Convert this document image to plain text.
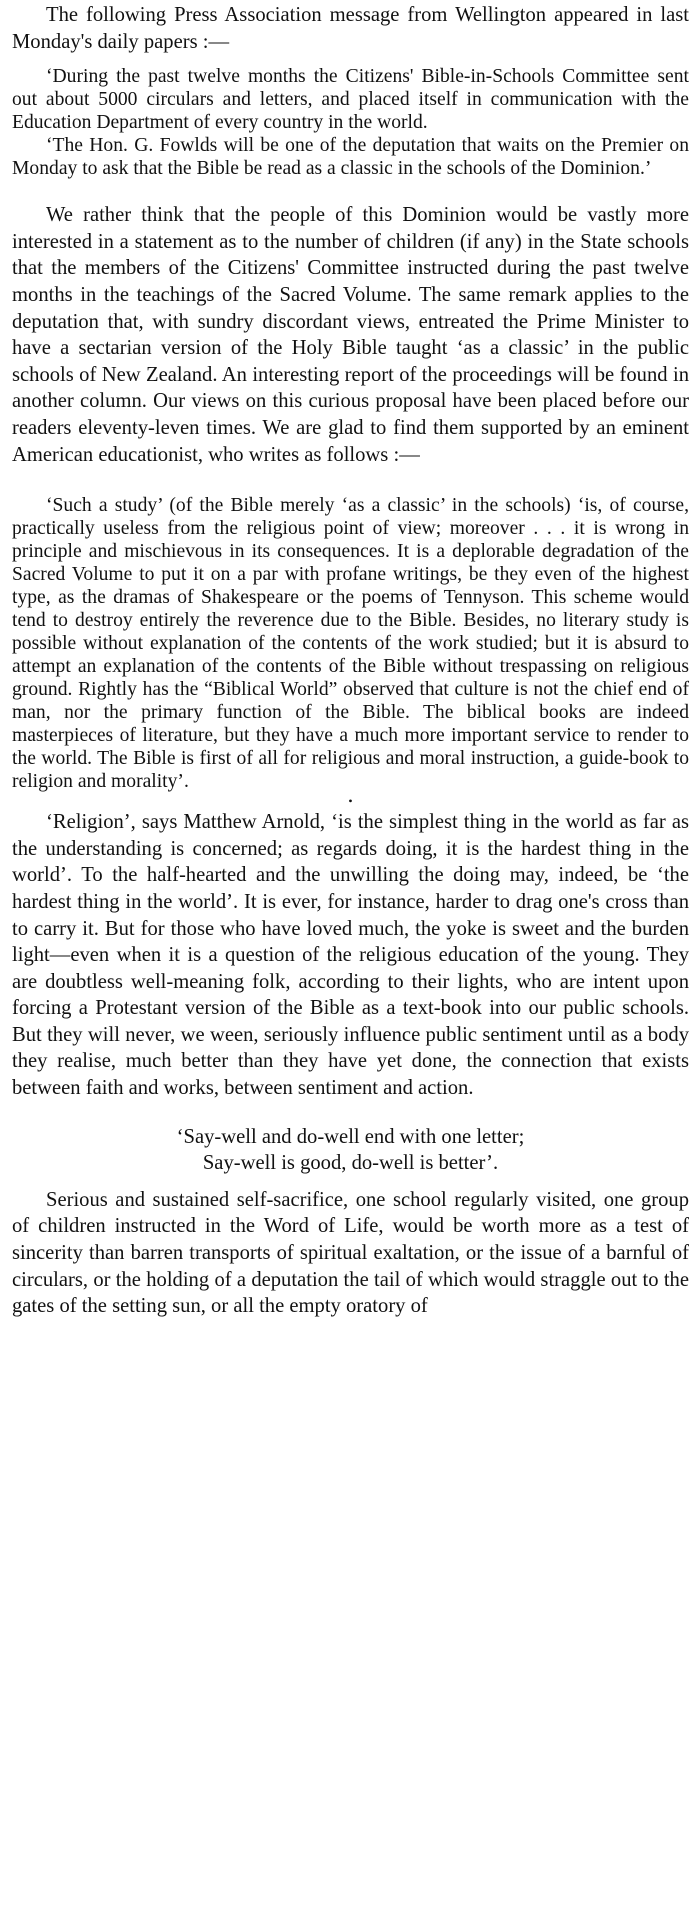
The following Press Association message from Wellington appeared in last Monday's daily papers :—

‘During the past twelve months the Citizens' Bible-in-Schools Committee sent out about 5000 circulars and letters, and placed itself in communication with the Education Department of every country in the world.

‘The Hon. G. Fowlds will be one of the deputation that waits on the Premier on Monday to ask that the Bible be read as a classic in the schools of the Dominion.’

We rather think that the people of this Dominion would be vastly more interested in a statement as to the number of children (if any) in the State schools that the members of the Citizens' Committee instructed during the past twelve months in the teachings of the Sacred Volume. The same remark applies to the deputation that, with sundry discordant views, entreated the Prime Minister to have a sectarian version of the Holy Bible taught ‘as a classic’ in the public schools of New Zealand. An interesting report of the proceedings will be found in another column. Our views on this curious proposal have been placed before our readers eleventy-leven times. We are glad to find them supported by an eminent American educationist, who writes as follows :—

‘Such a study’ (of the Bible merely ‘as a classic’ in the schools) ‘is, of course, practically useless from the religious point of view; moreover . . . it is wrong in principle and mischievous in its consequences. It is a deplorable degradation of the Sacred Volume to put it on a par with profane writings, be they even of the highest type, as the dramas of Shakespeare or the poems of Tennyson. This scheme would tend to destroy entirely the reverence due to the Bible. Besides, no literary study is possible without explanation of the contents of the work studied; but it is absurd to attempt an explanation of the contents of the Bible without trespassing on religious ground. Rightly has the “Biblical World” observed that culture is not the chief end of man, nor the primary function of the Bible. The biblical books are indeed masterpieces of literature, but they have a much more important service to render to the world. The Bible is first of all for religious and moral instruction, a guide-book to religion and morality’.

•

‘Religion’, says Matthew Arnold, ‘is the simplest thing in the world as far as the understanding is concerned; as regards doing, it is the hardest thing in the world’. To the half-hearted and the unwilling the doing may, indeed, be ‘the hardest thing in the world’. It is ever, for instance, harder to drag one's cross than to carry it. But for those who have loved much, the yoke is sweet and the burden light—even when it is a question of the religious education of the young. They are doubtless well-meaning folk, according to their lights, who are intent upon forcing a Protestant version of the Bible as a text-book into our public schools. But they will never, we ween, seriously influence public sentiment until as a body they realise, much better than they have yet done, the connection that exists between faith and works, between sentiment and action.

‘Say-well and do-well end with one letter;

Say-well is good, do-well is better’.

Serious and sustained self-sacrifice, one school regularly visited, one group of children instructed in the Word of Life, would be worth more as a test of sincerity than barren transports of spiritual exaltation, or the issue of a barnful of circulars, or the holding of a deputation the tail of which would straggle out to the gates of the setting sun, or all the empty oratory of
